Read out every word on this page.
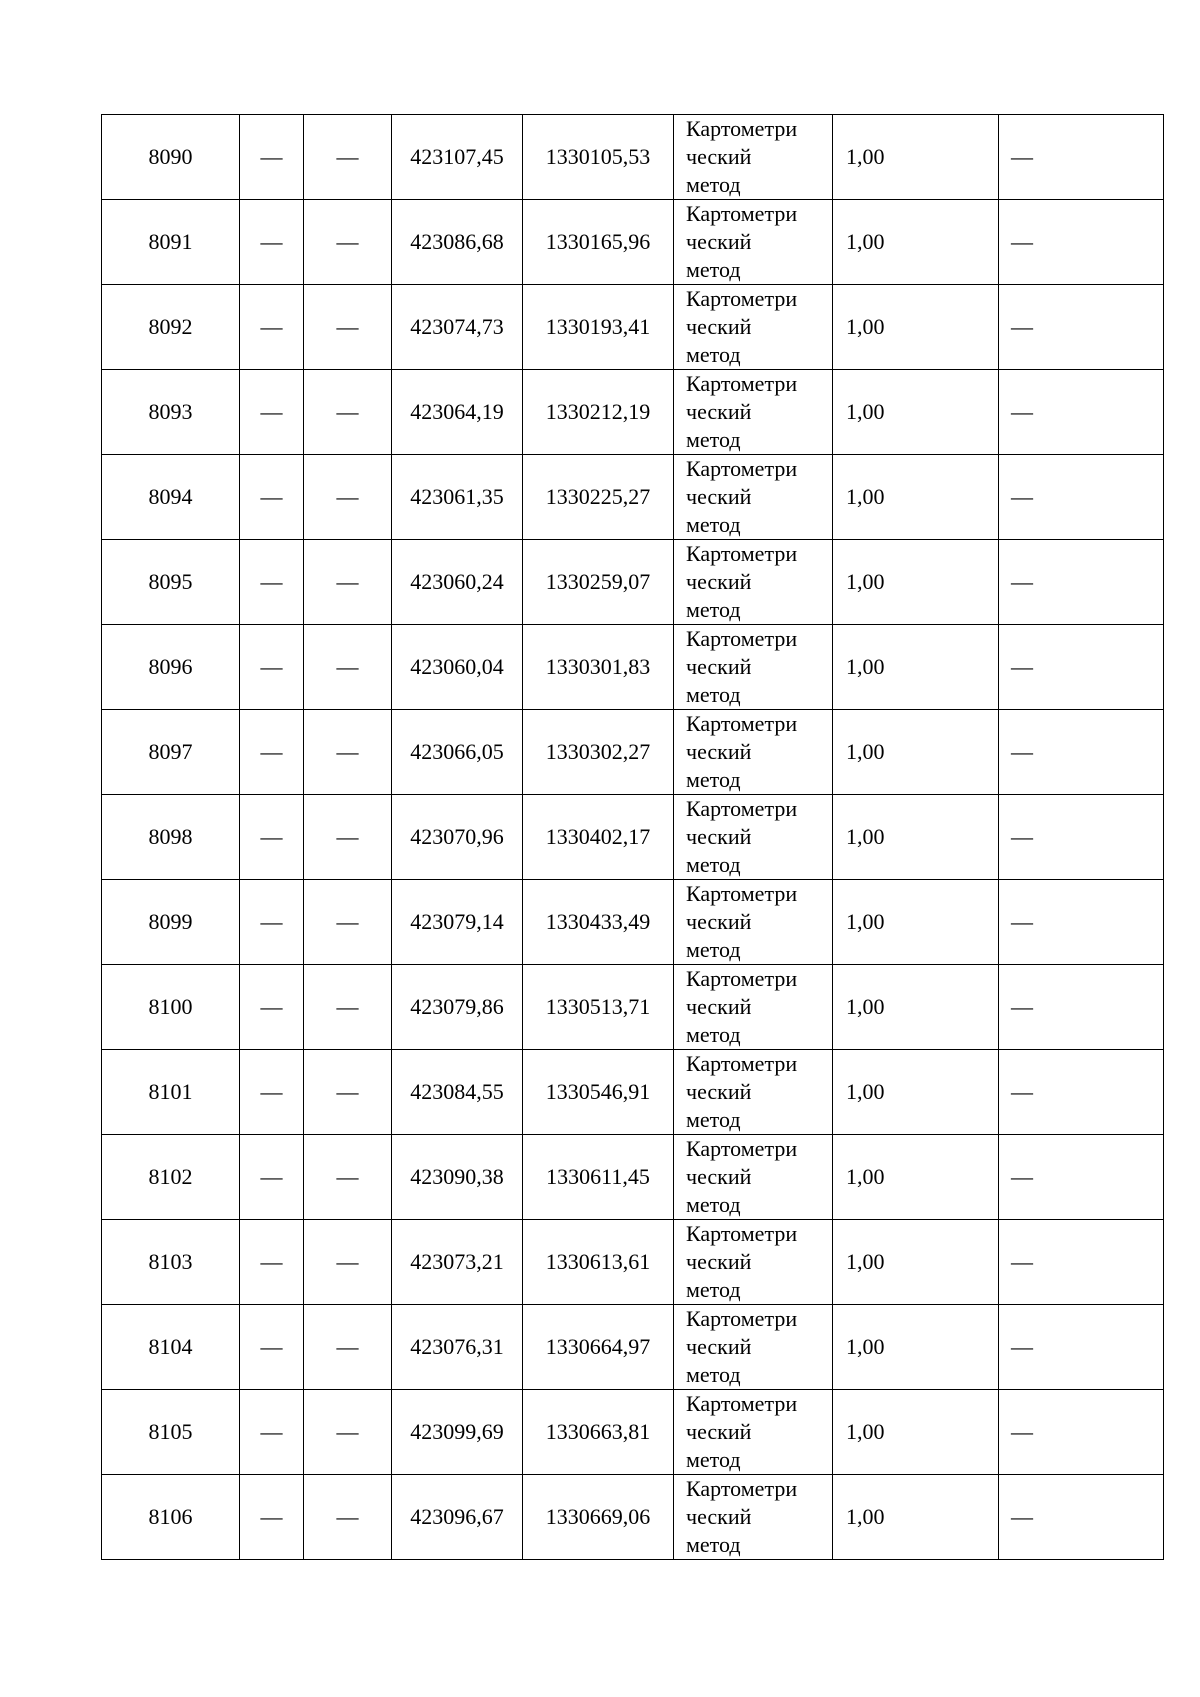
8090	—	—	423107,45	1330105,53	Картометри
ческий
метод	1,00	—
8091	—	—	423086,68	1330165,96	Картометри
ческий
метод	1,00	—
8092	—	—	423074,73	1330193,41	Картометри
ческий
метод	1,00	—
8093	—	—	423064,19	1330212,19	Картометри
ческий
метод	1,00	—
8094	—	—	423061,35	1330225,27	Картометри
ческий
метод	1,00	—
8095	—	—	423060,24	1330259,07	Картометри
ческий
метод	1,00	—
8096	—	—	423060,04	1330301,83	Картометри
ческий
метод	1,00	—
8097	—	—	423066,05	1330302,27	Картометри
ческий
метод	1,00	—
8098	—	—	423070,96	1330402,17	Картометри
ческий
метод	1,00	—
8099	—	—	423079,14	1330433,49	Картометри
ческий
метод	1,00	—
8100	—	—	423079,86	1330513,71	Картометри
ческий
метод	1,00	—
8101	—	—	423084,55	1330546,91	Картометри
ческий
метод	1,00	—
8102	—	—	423090,38	1330611,45	Картометри
ческий
метод	1,00	—
8103	—	—	423073,21	1330613,61	Картометри
ческий
метод	1,00	—
8104	—	—	423076,31	1330664,97	Картометри
ческий
метод	1,00	—
8105	—	—	423099,69	1330663,81	Картометри
ческий
метод	1,00	—
8106	—	—	423096,67	1330669,06	Картометри
ческий
метод	1,00	—
